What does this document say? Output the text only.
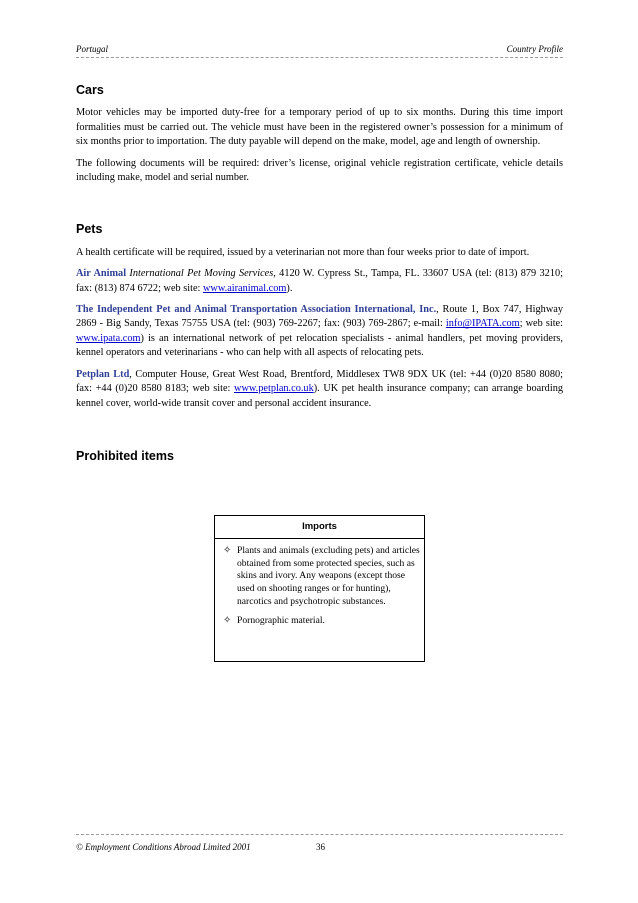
Portugal	Country Profile
Cars

Motor vehicles may be imported duty-free for a temporary period of up to six months. During this time import formalities must be carried out. The vehicle must have been in the registered owner’s possession for a minimum of six months prior to importation. The duty payable will depend on the make, model, age and length of ownership.

The following documents will be required: driver’s license, original vehicle registration certificate, vehicle details including make, model and serial number.

Pets

A health certificate will be required, issued by a veterinarian not more than four weeks prior to date of import.

Air Animal International Pet Moving Services, 4120 W. Cypress St., Tampa, FL. 33607 USA (tel: (813) 879 3210; fax: (813) 874 6722; web site: www.airanimal.com).

The Independent Pet and Animal Transportation Association International, Inc., Route 1, Box 747, Highway 2869 - Big Sandy, Texas 75755 USA (tel: (903) 769-2267; fax: (903) 769-2867; e-mail: info@IPATA.com; web site: www.ipata.com) is an international network of pet relocation specialists - animal handlers, pet moving providers, kennel operators and veterinarians - who can help with all aspects of relocating pets.

Petplan Ltd, Computer House, Great West Road, Brentford, Middlesex TW8 9DX UK (tel: +44 (0)20 8580 8080; fax: +44 (0)20 8580 8183; web site: www.petplan.co.uk). UK pet health insurance company; can arrange boarding kennel cover, world-wide transit cover and personal accident insurance.

Prohibited items
Imports
✧ Plants and animals (excluding pets) and articles obtained from some protected species, such as skins and ivory. Any weapons (except those used on shooting ranges or for hunting), narcotics and psychotropic substances.
✧ Pornographic material.
© Employment Conditions Abroad Limited 2001	36
